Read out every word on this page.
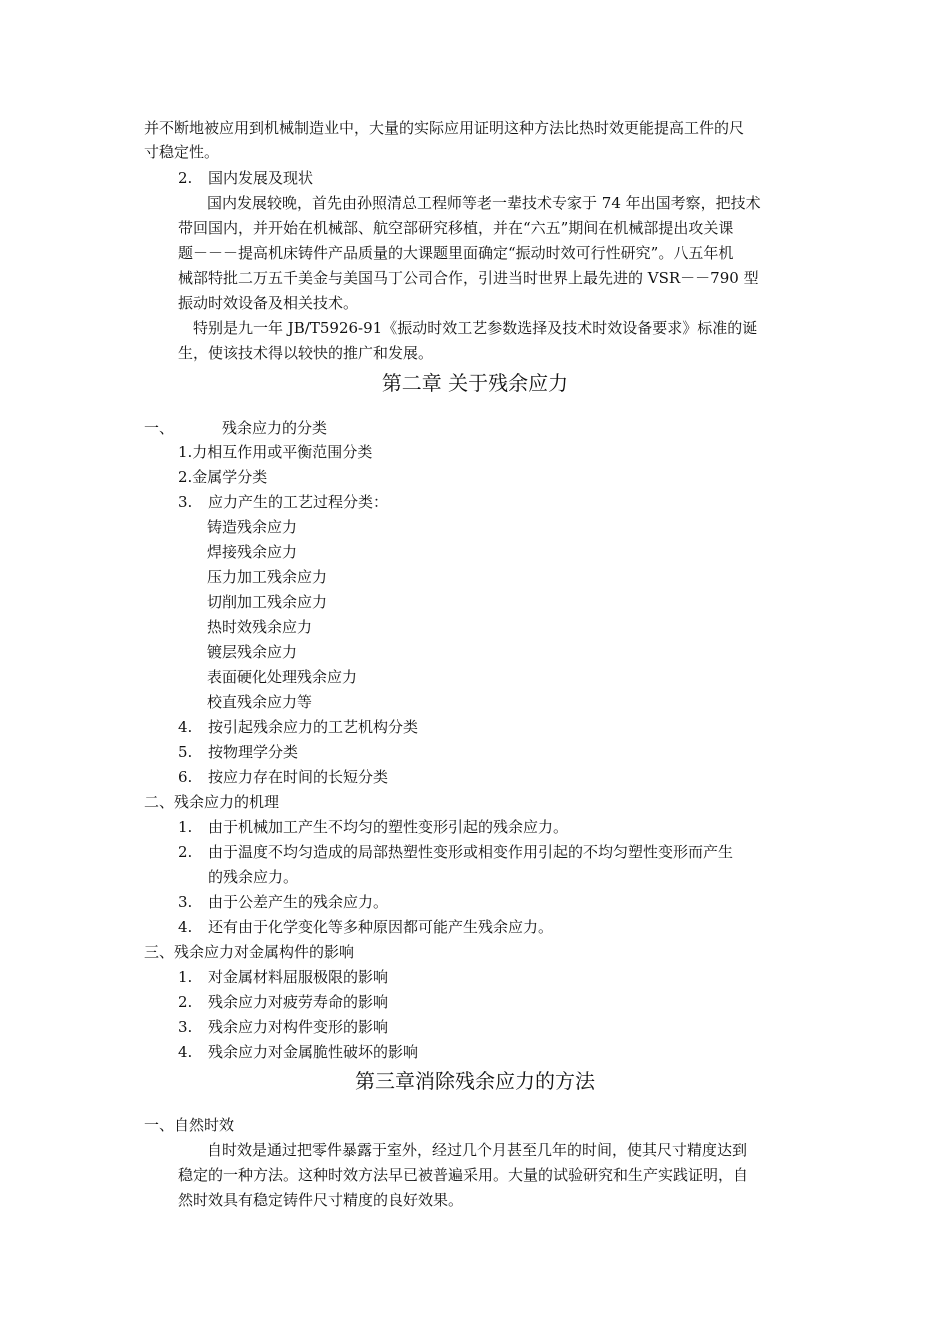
并不断地被应用到机械制造业中，大量的实际应用证明这种方法比热时效更能提高工件的尺
寸稳定性。
2. 国内发展及现状
国内发展较晚，首先由孙照清总工程师等老一辈技术专家于 74 年出国考察，把技术
带回国内，并开始在机械部、航空部研究移植，并在“六五”期间在机械部提出攻关课
题－－－提高机床铸件产品质量的大课题里面确定“振动时效可行性研究”。八五年机
械部特批二万五千美金与美国马丁公司合作，引进当时世界上最先进的 VSR－－790 型
振动时效设备及相关技术。
特别是九一年 JB/T5926-91《振动时效工艺参数选择及技术时效设备要求》标准的诞
生，使该技术得以较快的推广和发展。
第二章 关于残余应力
一、	残余应力的分类
1.力相互作用或平衡范围分类
2.金属学分类
3. 应力产生的工艺过程分类：
铸造残余应力
焊接残余应力
压力加工残余应力
切削加工残余应力
热时效残余应力
镀层残余应力
表面硬化处理残余应力
校直残余应力等
4. 按引起残余应力的工艺机构分类
5. 按物理学分类
6. 按应力存在时间的长短分类
二、残余应力的机理
1. 由于机械加工产生不均匀的塑性变形引起的残余应力。
2. 由于温度不均匀造成的局部热塑性变形或相变作用引起的不均匀塑性变形而产生
的残余应力。
3. 由于公差产生的残余应力。
4. 还有由于化学变化等多种原因都可能产生残余应力。
三、残余应力对金属构件的影响
1. 对金属材料屈服极限的影响
2. 残余应力对疲劳寿命的影响
3. 残余应力对构件变形的影响
4. 残余应力对金属脆性破坏的影响
第三章消除残余应力的方法
一、自然时效
自时效是通过把零件暴露于室外，经过几个月甚至几年的时间，使其尺寸精度达到
稳定的一种方法。这种时效方法早已被普遍采用。大量的试验研究和生产实践证明，自
然时效具有稳定铸件尺寸精度的良好效果。
